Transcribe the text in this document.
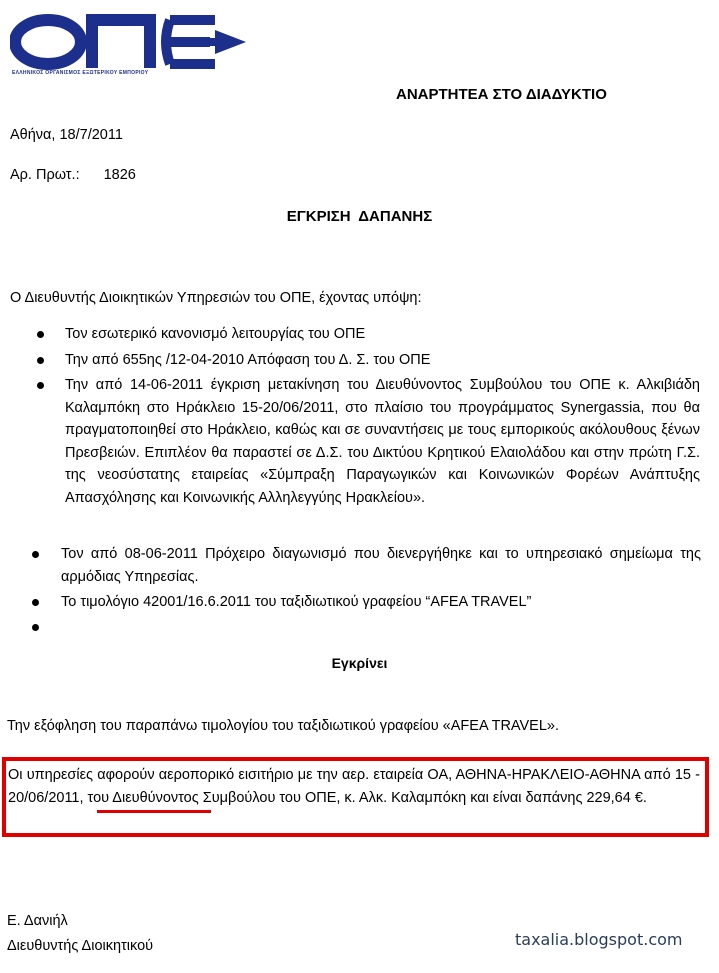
ΕΛΛΗΝΙΚΟΣ ΟΡΓΑΝΙΣΜΟΣ ΕΞΩΤΕΡΙΚΟΥ ΕΜΠΟΡΙΟΥ
ΑΝΑΡΤΗΤΕΑ ΣΤΟ ΔΙΑΔΥΚΤΙΟ
Αθήνα, 18/7/2011
Αρ. Πρωτ.: 1826
ΕΓΚΡΙΣΗ ΔΑΠΑΝΗΣ
Ο Διευθυντής Διοικητικών Υπηρεσιών του ΟΠΕ, έχοντας υπόψη:
Τον εσωτερικό κανονισμό λειτουργίας του ΟΠΕ
Την από 655ης /12-04-2010 Απόφαση του Δ. Σ. του ΟΠΕ
Την από 14-06-2011 έγκριση μετακίνηση του Διευθύνοντος Συμβούλου του ΟΠΕ κ. Αλκιβιάδη Καλαμπόκη στο Ηράκλειο 15-20/06/2011, στο πλαίσιο του προγράμματος Synergassia, που θα πραγματοποιηθεί στο Ηράκλειο, καθώς και σε συναντήσεις με τους εμπορικούς ακόλουθους ξένων Πρεσβειών. Επιπλέον θα παραστεί σε Δ.Σ. του Δικτύου Κρητικού Ελαιολάδου και στην πρώτη Γ.Σ. της νεοσύστατης εταιρείας «Σύμπραξη Παραγωγικών και Κοινωνικών Φορέων Ανάπτυξης Απασχόλησης και Κοινωνικής Αλληλεγγύης Ηρακλείου».
Τον από 08-06-2011 Πρόχειρο διαγωνισμό που διενεργήθηκε και το υπηρεσιακό σημείωμα της αρμόδιας Υπηρεσίας.
Το τιμολόγιο 42001/16.6.2011 του ταξιδιωτικού γραφείου “AFEA TRAVEL”
Εγκρίνει
Την εξόφληση του παραπάνω τιμολογίου του ταξιδιωτικού γραφείου «AFEA TRAVEL».
Οι υπηρεσίες αφορούν αεροπορικό εισιτήριο με την αερ. εταιρεία ΟΑ, ΑΘΗΝΑ-ΗΡΑΚΛΕΙΟ-ΑΘΗΝΑ από 15 - 20/06/2011, του Διευθύνοντος Συμβούλου του ΟΠΕ, κ. Αλκ. Καλαμπόκη και είναι δαπάνης 229,64 €.
Ε. Δανιήλ
Διευθυντής Διοικητικού	taxalia.blogspot.com
